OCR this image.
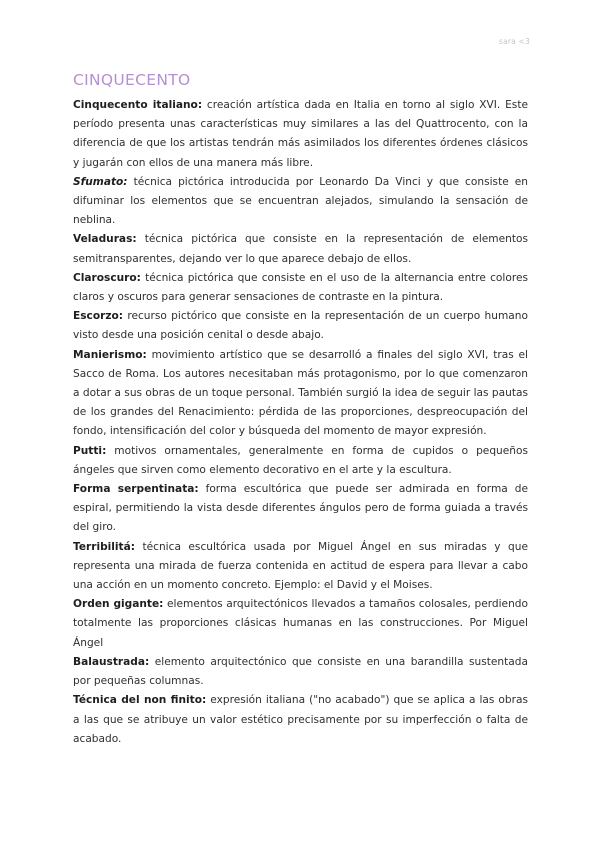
sara <3
CINQUECENTO

Cinquecento italiano: creación artística dada en Italia en torno al siglo XVI. Este período presenta unas características muy similares a las del Quattrocento, con la diferencia de que los artistas tendrán más asimilados los diferentes órdenes clásicos y jugarán con ellos de una manera más libre.

Sfumato: técnica pictórica introducida por Leonardo Da Vinci y que consiste en difuminar los elementos que se encuentran alejados, simulando la sensación de neblina.

Veladuras: técnica pictórica que consiste en la representación de elementos semitransparentes, dejando ver lo que aparece debajo de ellos.

Claroscuro: técnica pictórica que consiste en el uso de la alternancia entre colores claros y oscuros para generar sensaciones de contraste en la pintura.

Escorzo: recurso pictórico que consiste en la representación de un cuerpo humano visto desde una posición cenital o desde abajo.

Manierismo: movimiento artístico que se desarrolló a finales del siglo XVI, tras el Sacco de Roma. Los autores necesitaban más protagonismo, por lo que comenzaron a dotar a sus obras de un toque personal. También surgió la idea de seguir las pautas de los grandes del Renacimiento: pérdida de las proporciones, despreocupación del fondo, intensificación del color y búsqueda del momento de mayor expresión.

Putti: motivos ornamentales, generalmente en forma de cupidos o pequeños ángeles que sirven como elemento decorativo en el arte y la escultura.

Forma serpentinata: forma escultórica que puede ser admirada en forma de espiral, permitiendo la vista desde diferentes ángulos pero de forma guiada a través del giro.

Terribilitá: técnica escultórica usada por Miguel Ángel en sus miradas y que representa una mirada de fuerza contenida en actitud de espera para llevar a cabo una acción en un momento concreto. Ejemplo: el David y el Moises.

Orden gigante: elementos arquitectónicos llevados a tamaños colosales, perdiendo totalmente las proporciones clásicas humanas en las construcciones. Por Miguel Ángel

Balaustrada: elemento arquitectónico que consiste en una barandilla sustentada por pequeñas columnas.

Técnica del non finito: expresión italiana ("no acabado") que se aplica a las obras a las que se atribuye un valor estético precisamente por su imperfección o falta de acabado.
